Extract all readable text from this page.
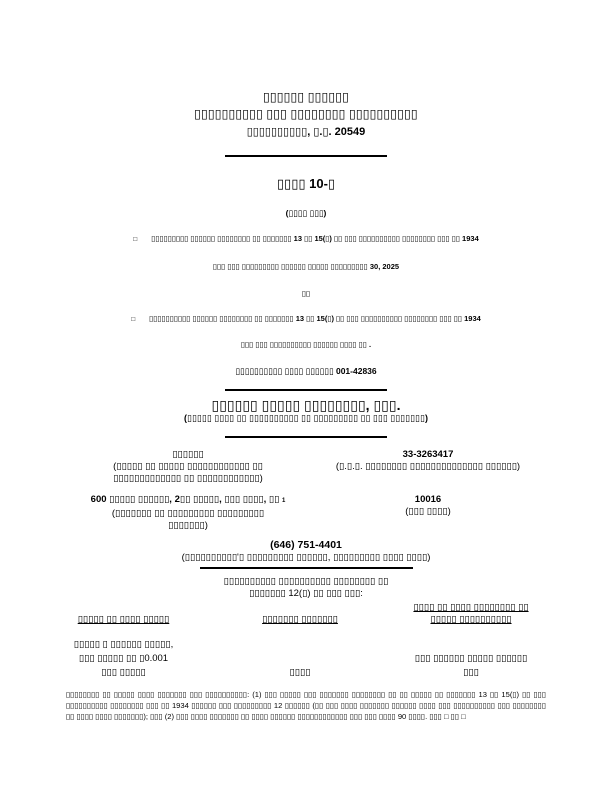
▯▯▯▯▯▯ ▯▯▯▯▯▯
▯▯▯▯▯▯▯▯▯▯ ▯▯▯ ▯▯▯▯▯▯▯▯ ▯▯▯▯▯▯▯▯▯▯
▯▯▯▯▯▯▯▯▯▯, ▯.▯. 20549
▯▯▯▯ 10-▯
(▯▯▯▯ ▯▯▯)
□ ▯▯▯▯▯▯▯▯▯ ▯▯▯▯▯▯ ▯▯▯▯▯▯▯▯ ▯▯ ▯▯▯▯▯▯▯ 13 ▯▯ 15(▯) ▯▯ ▯▯▯ ▯▯▯▯▯▯▯▯▯▯ ▯▯▯▯▯▯▯▯ ▯▯▯ ▯▯ 1934
▯▯▯ ▯▯▯ ▯▯▯▯▯▯▯▯▯ ▯▯▯▯▯▯ ▯▯▯▯▯ ▯▯▯▯▯▯▯▯▯ 30, 2025
▯▯
□ ▯▯▯▯▯▯▯▯▯▯ ▯▯▯▯▯▯ ▯▯▯▯▯▯▯▯ ▯▯ ▯▯▯▯▯▯▯ 13 ▯▯ 15(▯) ▯▯ ▯▯▯ ▯▯▯▯▯▯▯▯▯▯ ▯▯▯▯▯▯▯▯ ▯▯▯ ▯▯ 1934
▯▯▯ ▯▯▯ ▯▯▯▯▯▯▯▯▯▯ ▯▯▯▯▯▯ ▯▯▯▯ ▯▯ .
▯▯▯▯▯▯▯▯▯▯ ▯▯▯▯ ▯▯▯▯▯▯ 001-42836
▯▯▯▯▯▯ ▯▯▯▯▯ ▯▯▯▯▯▯▯▯, ▯▯▯.
(▯▯▯▯▯ ▯▯▯▯ ▯▯ ▯▯▯▯▯▯▯▯▯▯ ▯▯ ▯▯▯▯▯▯▯▯▯ ▯▯ ▯▯▯ ▯▯▯▯▯▯▯)
▯▯▯▯▯▯
(▯▯▯▯▯ ▯▯ ▯▯▯▯▯ ▯▯▯▯▯▯▯▯▯▯▯▯ ▯▯
▯▯▯▯▯▯▯▯▯▯▯▯▯ ▯▯ ▯▯▯▯▯▯▯▯▯▯▯▯)
33-3263417
(▯.▯.▯. ▯▯▯▯▯▯▯▯ ▯▯▯▯▯▯▯▯▯▯▯▯▯▯ ▯▯▯▯▯▯)
600 ▯▯▯▯▯ ▯▯▯▯▯▯, 2▯▯ ▯▯▯▯▯, ▯▯▯ ▯▯▯▯, ▯▯ 1
(▯▯▯▯▯▯▯ ▯▯ ▯▯▯▯▯▯▯▯▯ ▯▯▯▯▯▯▯▯▯
▯▯▯▯▯▯▯)
10016
(▯▯▯ ▯▯▯▯)
(646) 751-4401
(▯▯▯▯▯▯▯▯▯▯'▯ ▯▯▯▯▯▯▯▯▯ ▯▯▯▯▯▯, ▯▯▯▯▯▯▯▯▯ ▯▯▯▯ ▯▯▯▯)
▯▯▯▯▯▯▯▯▯▯ ▯▯▯▯▯▯▯▯▯▯ ▯▯▯▯▯▯▯▯ ▯▯
▯▯▯▯▯▯▯ 12(▯) ▯▯ ▯▯▯ ▯▯▯:
▯▯▯▯▯ ▯▯ ▯▯▯▯ ▯▯▯▯▯	▯▯▯▯▯▯▯ ▯▯▯▯▯▯▯
▯▯▯▯ ▯▯ ▯▯▯▯ ▯▯▯▯▯▯▯▯ ▯▯
▯▯▯▯▯ ▯▯▯▯▯▯▯▯▯▯
▯▯▯▯▯ ▯ ▯▯▯▯▯▯ ▯▯▯▯▯,
▯▯▯ ▯▯▯▯▯ ▯▯ ▯0.001
▯▯▯ ▯▯▯▯▯	▯▯▯▯
▯▯▯ ▯▯▯▯▯▯ ▯▯▯▯▯ ▯▯▯▯▯▯
▯▯▯
▯▯▯▯▯▯▯▯ ▯▯ ▯▯▯▯▯ ▯▯▯▯ ▯▯▯▯▯▯▯ ▯▯▯ ▯▯▯▯▯▯▯▯▯▯: (1) ▯▯▯ ▯▯▯▯▯ ▯▯▯ ▯▯▯▯▯▯▯ ▯▯▯▯▯▯▯▯ ▯▯ ▯▯ ▯▯▯▯▯ ▯▯ ▯▯▯▯▯▯▯ 13 ▯▯ 15(▯) ▯▯ ▯▯▯ ▯▯▯▯▯▯▯▯▯▯ ▯▯▯▯▯▯▯▯ ▯▯▯ ▯▯ 1934 ▯▯▯▯▯▯ ▯▯▯ ▯▯▯▯▯▯▯▯▯ 12 ▯▯▯▯▯▯ (▯▯ ▯▯▯ ▯▯▯▯ ▯▯▯▯▯▯▯ ▯▯▯▯▯▯ ▯▯▯▯ ▯▯▯ ▯▯▯▯▯▯▯▯▯▯ ▯▯▯ ▯▯▯▯▯▯▯▯ ▯▯ ▯▯▯▯ ▯▯▯▯ ▯▯▯▯▯▯▯); ▯▯▯ (2) ▯▯▯ ▯▯▯▯ ▯▯▯▯▯▯▯ ▯▯ ▯▯▯▯ ▯▯▯▯▯▯ ▯▯▯▯▯▯▯▯▯▯▯▯ ▯▯▯ ▯▯▯ ▯▯▯▯ 90 ▯▯▯▯. ▯▯▯ □ ▯▯ □
